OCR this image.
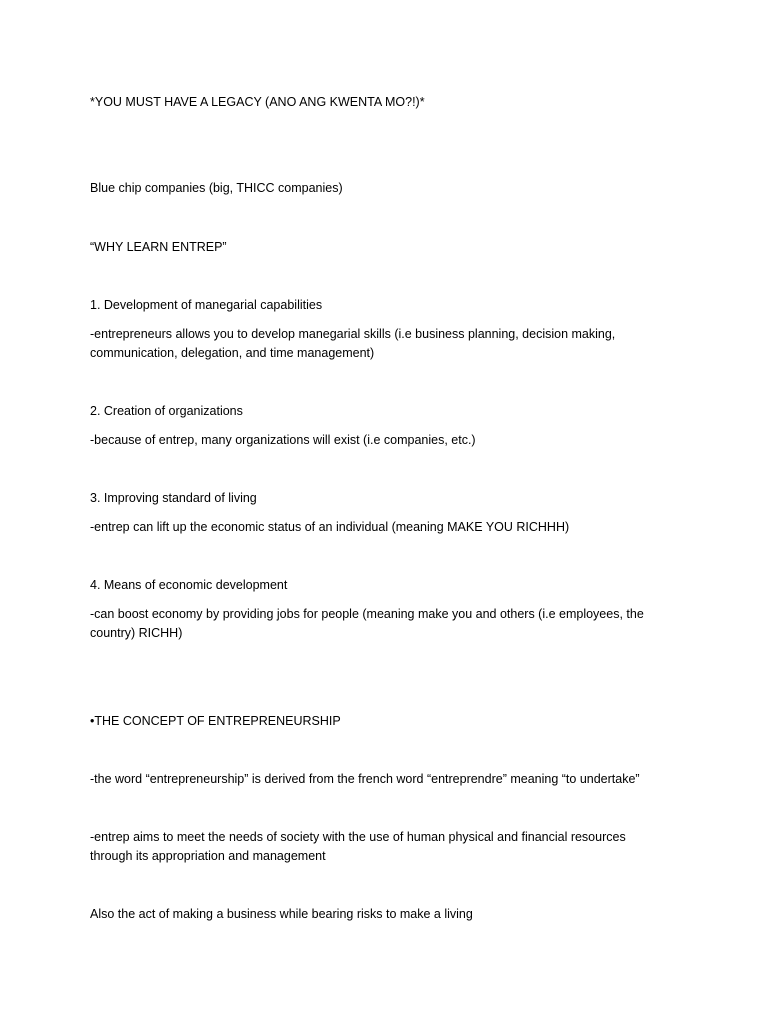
*YOU MUST HAVE A LEGACY (ANO ANG KWENTA MO?!)*
Blue chip companies (big, THICC companies)
“WHY LEARN ENTREP”
1. Development of manegarial capabilities
-entrepreneurs allows you to develop manegarial skills (i.e business planning, decision making, communication, delegation, and time management)
2. Creation of organizations
-because of entrep, many organizations will exist (i.e companies, etc.)
3. Improving standard of living
-entrep can lift up the economic status of an individual (meaning MAKE YOU RICHHH)
4. Means of economic development
-can boost economy by providing jobs for people (meaning make you and others (i.e employees, the country) RICHH)
•THE CONCEPT OF ENTREPRENEURSHIP
-the word “entrepreneurship” is derived from the french word “entreprendre” meaning “to undertake”
-entrep aims to meet the needs of society with the use of human physical and financial resources through its appropriation and management
Also the act of making a business while bearing risks to make a living
